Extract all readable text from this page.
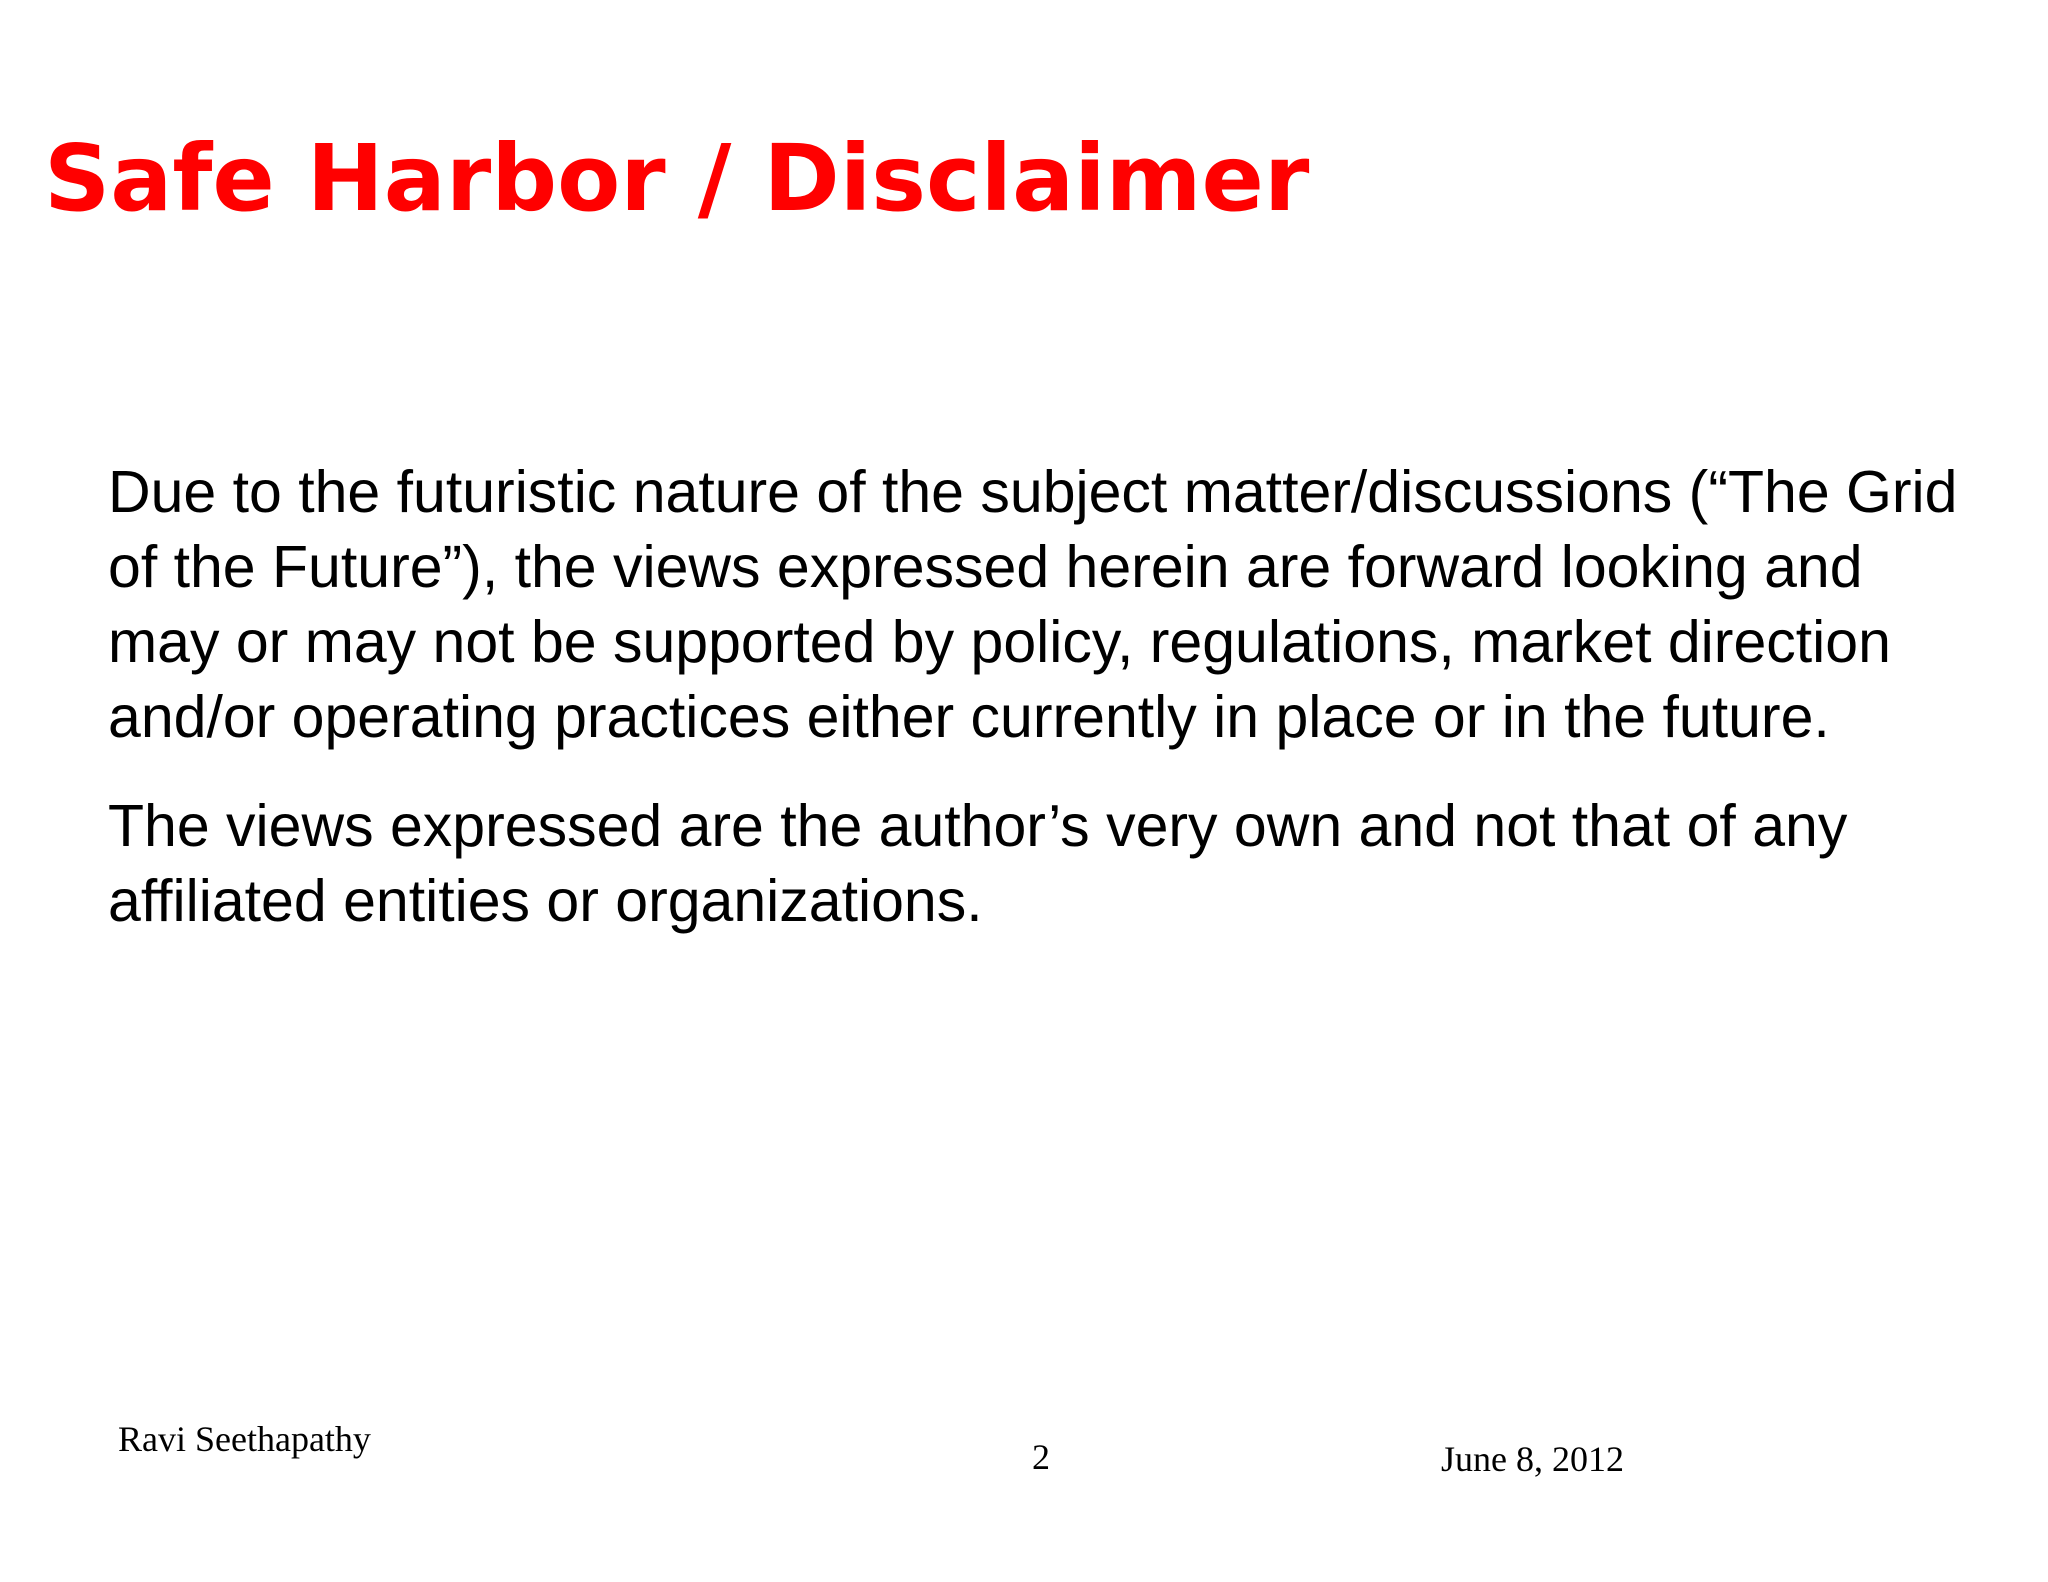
Safe Harbor / Disclaimer

Due to the futuristic nature of the subject matter/discussions (“The Grid of the Future”), the views expressed herein are forward looking and may or may not be supported by policy, regulations, market direction and/or operating practices either currently in place or in the future.

The views expressed are the author’s very own and not that of any affiliated entities or organizations.

Ravi Seethapathy	2	June 8, 2012
